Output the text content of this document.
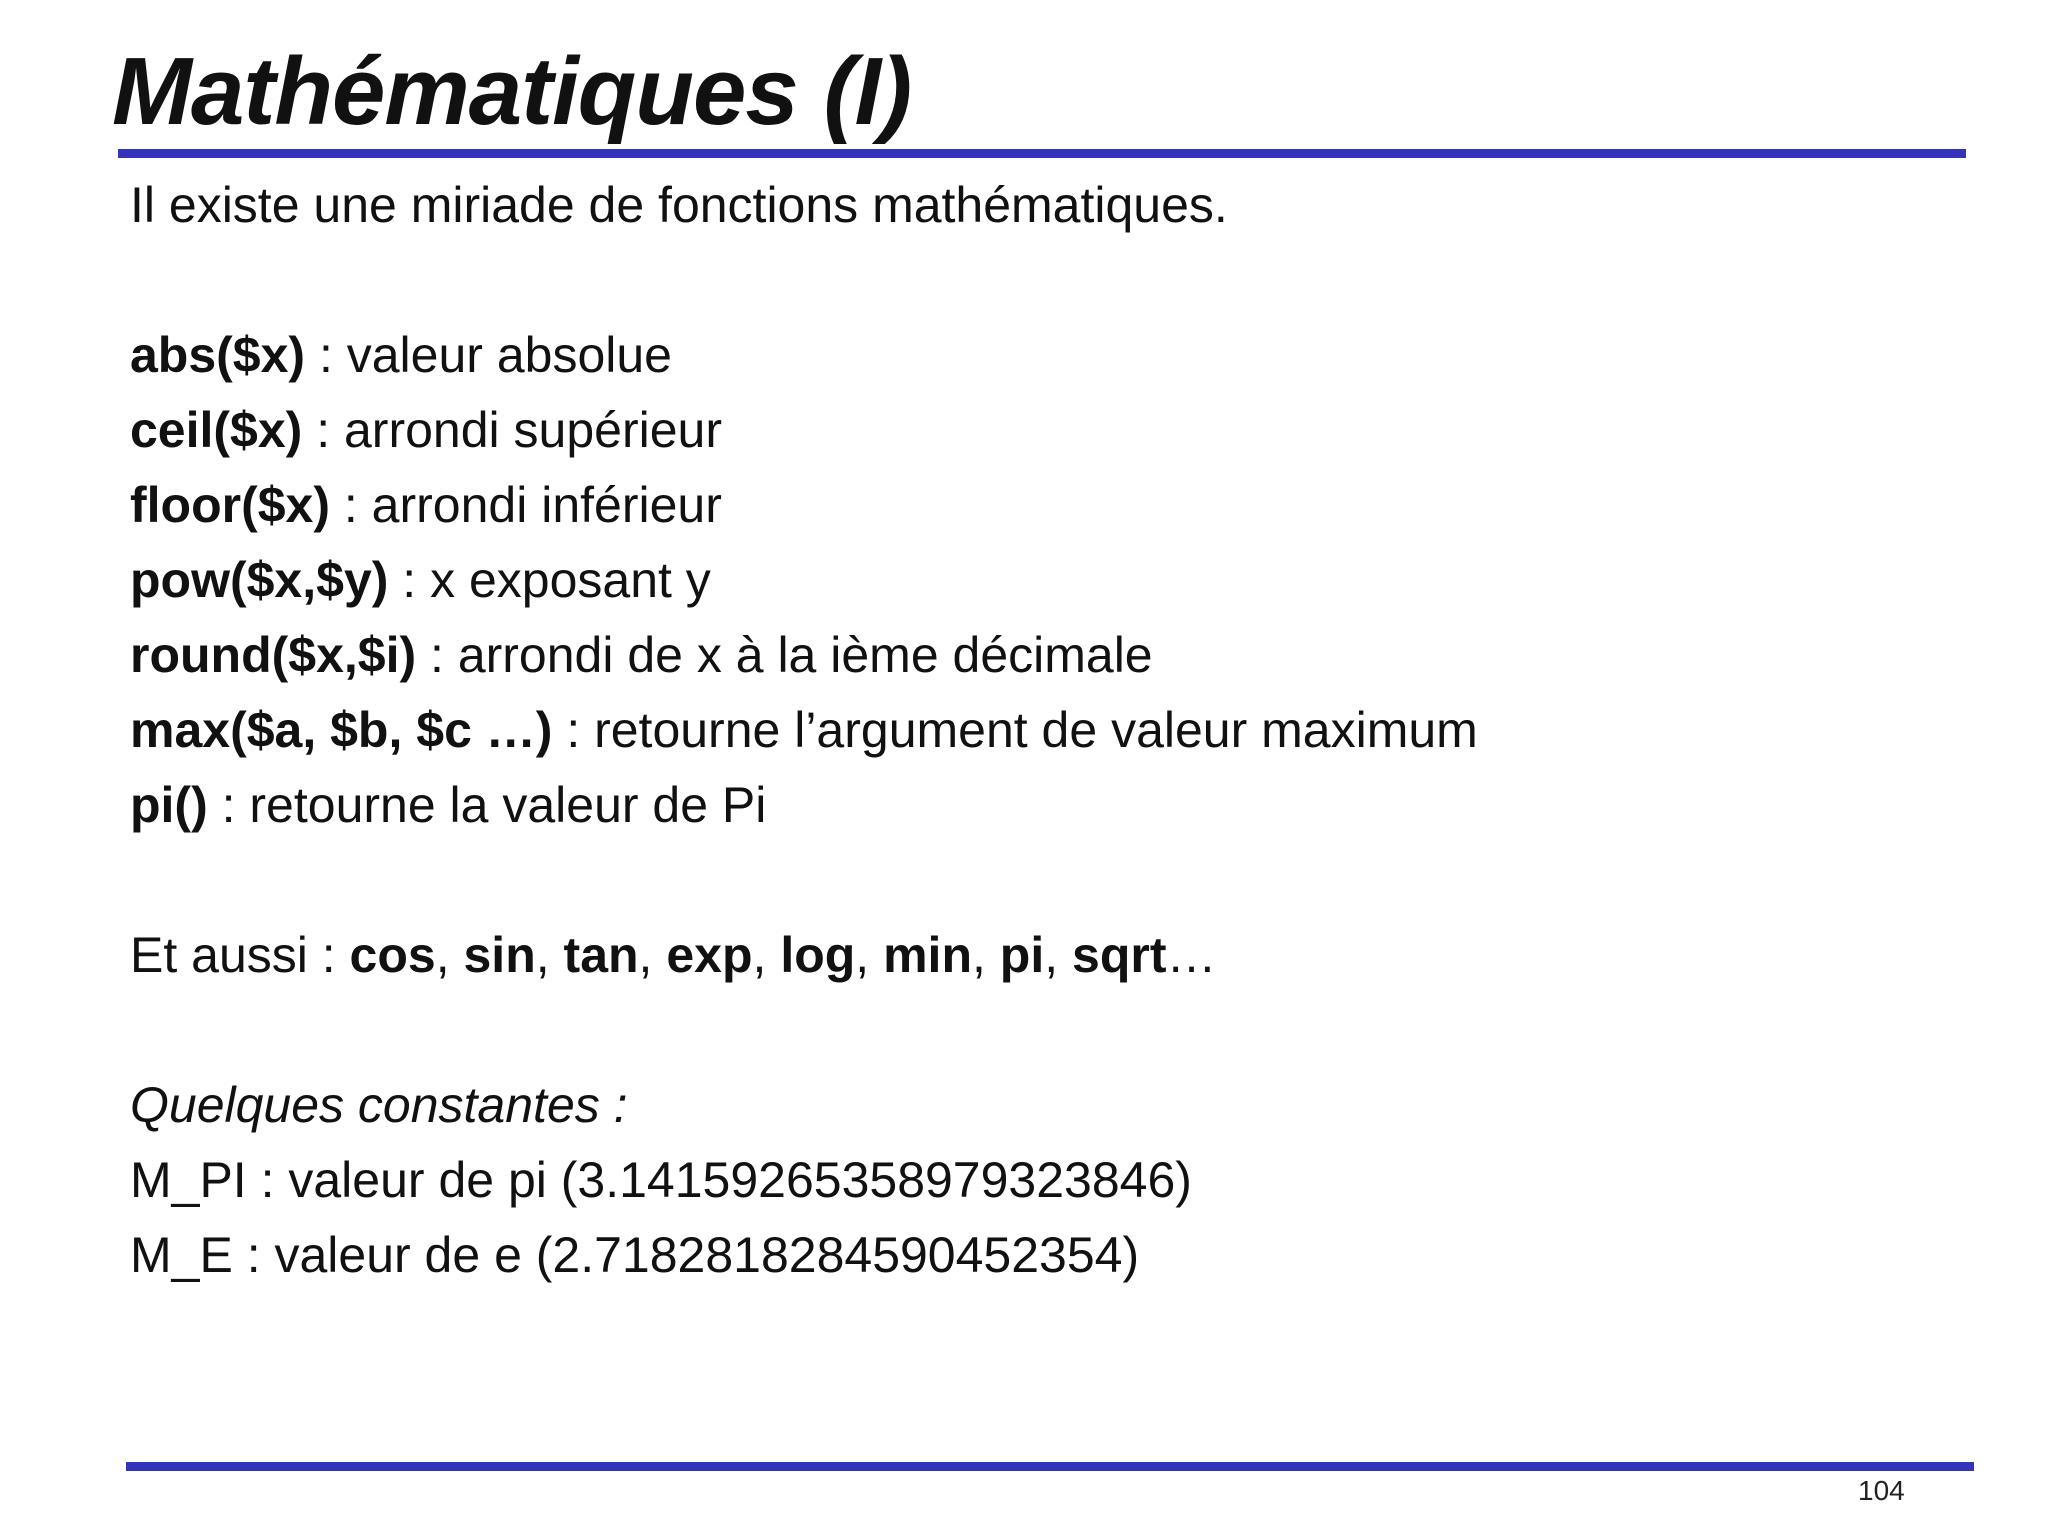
Mathématiques (I)
Il existe une miriade de fonctions mathématiques.
abs($x) : valeur absolue
ceil($x) : arrondi supérieur
floor($x) : arrondi inférieur
pow($x,$y) : x exposant y
round($x,$i) : arrondi de x à la ième décimale
max($a, $b, $c …) : retourne l’argument de valeur maximum
pi() : retourne la valeur de Pi
Et aussi : cos, sin, tan, exp, log, min, pi, sqrt…
Quelques constantes :
M_PI : valeur de pi (3.14159265358979323846)
M_E : valeur de e (2.7182818284590452354)
104
